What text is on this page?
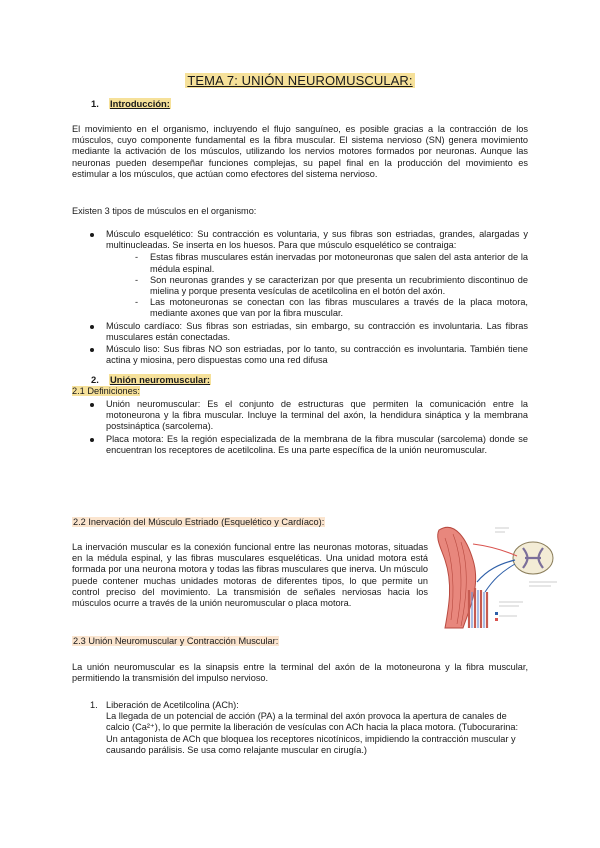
TEMA 7: UNIÓN NEUROMUSCULAR:
1. Introducción:

El movimiento en el organismo, incluyendo el flujo sanguíneo, es posible gracias a la contracción de los músculos, cuyo componente fundamental es la fibra muscular. El sistema nervioso (SN) genera movimiento mediante la activación de los músculos, utilizando los nervios motores formados por neuronas. Aunque las neuronas pueden desempeñar funciones complejas, su papel final en la producción del movimiento es estimular a los músculos, que actúan como efectores del sistema nervioso.

Existen 3 tipos de músculos en el organismo:

Músculo esquelético: Su contracción es voluntaria, y sus fibras son estriadas, grandes, alargadas y multinucleadas. Se inserta en los huesos. Para que músculo esquelético se contraiga:
- Estas fibras musculares están inervadas por motoneuronas que salen del asta anterior de la médula espinal.
- Son neuronas grandes y se caracterizan por que presenta un recubrimiento discontinuo de mielina y porque presenta vesículas de acetilcolina en el botón del axón.
- Las motoneuronas se conectan con las fibras musculares a través de la placa motora, mediante axones que van por la fibra muscular.
Músculo cardíaco: Sus fibras son estriadas, sin embargo, su contracción es involuntaria. Las fibras musculares están conectadas.
Músculo liso: Sus fibras NO son estriadas, por lo tanto, su contracción es involuntaria. También tiene actina y miosina, pero dispuestas como una red difusa
2. Unión neuromuscular:
2.1 Definiciones:
Unión neuromuscular: Es el conjunto de estructuras que permiten la comunicación entre la motoneurona y la fibra muscular. Incluye la terminal del axón, la hendidura sináptica y la membrana postsináptica (sarcolema).
Placa motora: Es la región especializada de la membrana de la fibra muscular (sarcolema) donde se encuentran los receptores de acetilcolina. Es una parte específica de la unión neuromuscular.
2.2 Inervación del Músculo Estriado (Esquelético y Cardíaco):

La inervación muscular es la conexión funcional entre las neuronas motoras, situadas en la médula espinal, y las fibras musculares esqueléticas. Una unidad motora está formada por una neurona motora y todas las fibras musculares que inerva. Un músculo puede contener muchas unidades motoras de diferentes tipos, lo que permite un control preciso del movimiento. La transmisión de señales nerviosas hacia los músculos ocurre a través de la unión neuromuscular o placa motora.

2.3 Unión Neuromuscular y Contracción Muscular:

La unión neuromuscular es la sinapsis entre la terminal del axón de la motoneurona y la fibra muscular, permitiendo la transmisión del impulso nervioso.

1. Liberación de Acetilcolina (ACh):

La llegada de un potencial de acción (PA) a la terminal del axón provoca la apertura de canales de calcio (Ca²⁺), lo que permite la liberación de vesículas con ACh hacia la placa motora. (Tubocurarina: Un antagonista de ACh que bloquea los receptores nicotínicos, impidiendo la contracción muscular y causando parálisis. Se usa como relajante muscular en cirugía.)
